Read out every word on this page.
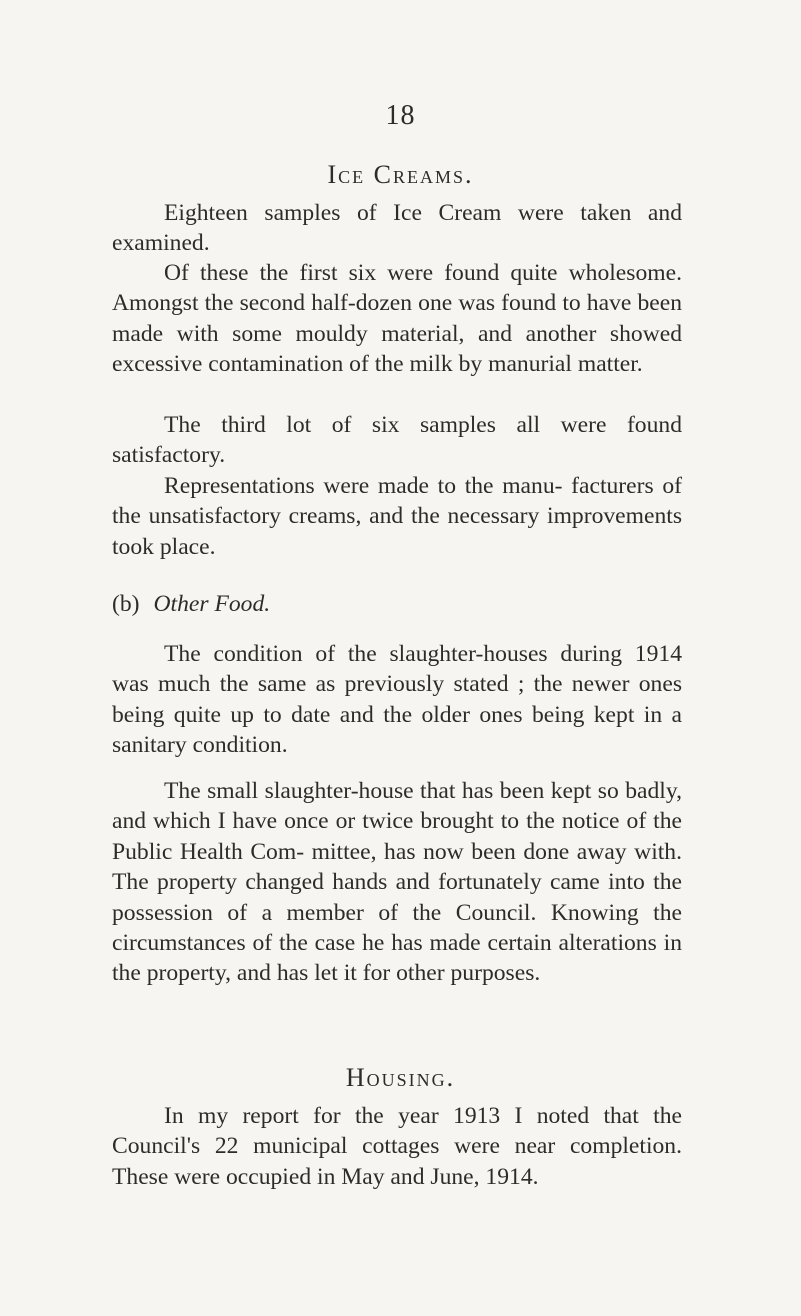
18
Ice Creams.

Eighteen samples of Ice Cream were taken and examined.

Of these the first six were found quite wholesome. Amongst the second half-dozen one was found to have been made with some mouldy material, and another showed excessive contamination of the milk by manurial matter.

The third lot of six samples all were found satisfactory.

Representations were made to the manu- facturers of the unsatisfactory creams, and the necessary improvements took place.

(b) Other Food.

The condition of the slaughter-houses during 1914 was much the same as previously stated ; the newer ones being quite up to date and the older ones being kept in a sanitary condition.

The small slaughter-house that has been kept so badly, and which I have once or twice brought to the notice of the Public Health Com- mittee, has now been done away with. The property changed hands and fortunately came into the possession of a member of the Council. Knowing the circumstances of the case he has made certain alterations in the property, and has let it for other purposes.

Housing.

In my report for the year 1913 I noted that the Council's 22 municipal cottages were near completion. These were occupied in May and June, 1914.
